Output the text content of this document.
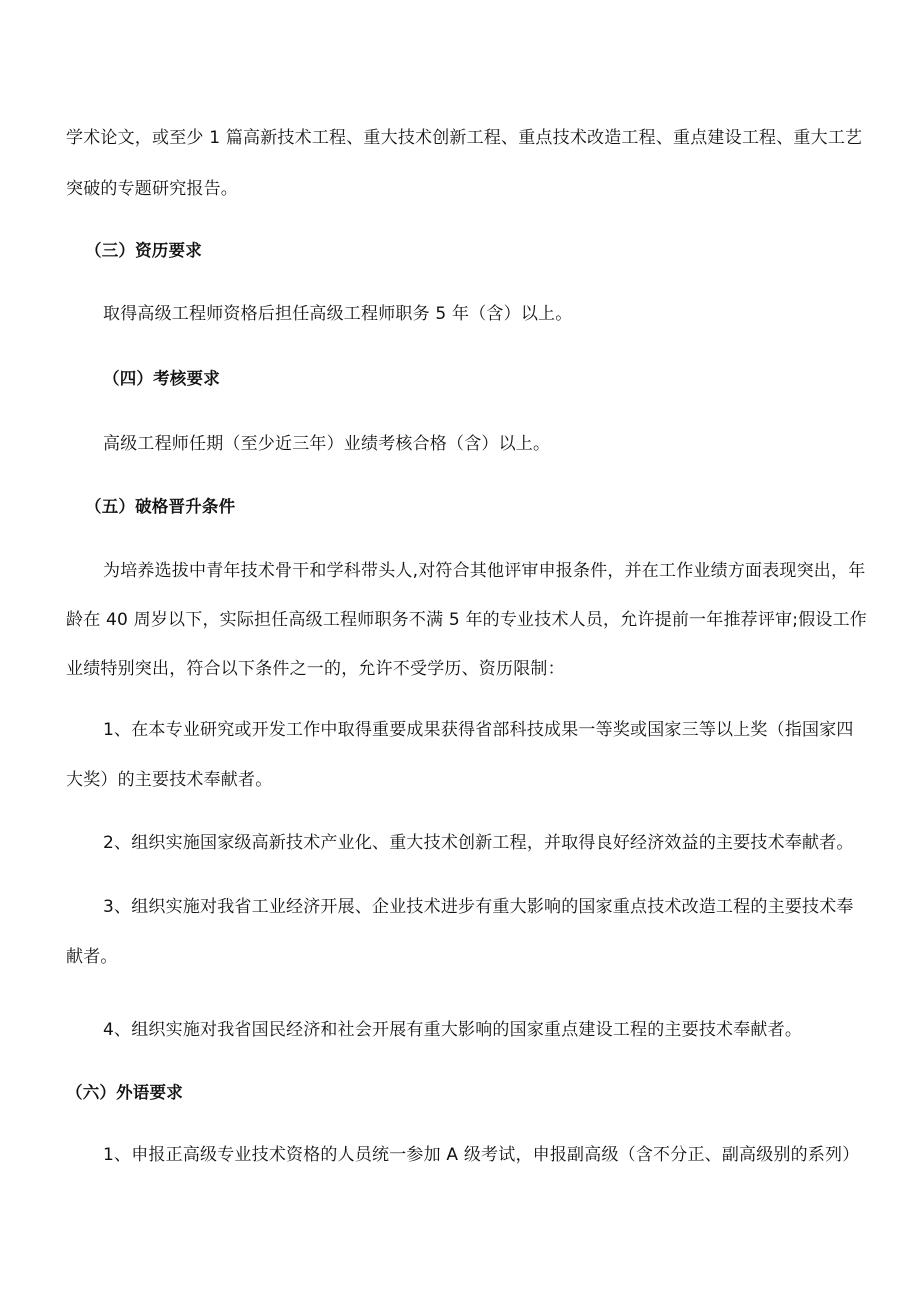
学术论文，或至少 1 篇高新技术工程、重大技术创新工程、重点技术改造工程、重点建设工程、重大工艺
突破的专题研究报告。
（三）资历要求
取得高级工程师资格后担任高级工程师职务 5 年（含）以上。
（四）考核要求
高级工程师任期（至少近三年）业绩考核合格（含）以上。
（五）破格晋升条件
为培养选拔中青年技术骨干和学科带头人,对符合其他评审申报条件，并在工作业绩方面表现突出，年
龄在 40 周岁以下，实际担任高级工程师职务不满 5 年的专业技术人员，允许提前一年推荐评审;假设工作
业绩特别突出，符合以下条件之一的，允许不受学历、资历限制：
1、在本专业研究或开发工作中取得重要成果获得省部科技成果一等奖或国家三等以上奖（指国家四
大奖）的主要技术奉献者。
2、组织实施国家级高新技术产业化、重大技术创新工程，并取得良好经济效益的主要技术奉献者。
3、组织实施对我省工业经济开展、企业技术进步有重大影响的国家重点技术改造工程的主要技术奉
献者。
4、组织实施对我省国民经济和社会开展有重大影响的国家重点建设工程的主要技术奉献者。
（六）外语要求
1、申报正高级专业技术资格的人员统一参加 A 级考试，申报副高级（含不分正、副高级别的系列）
